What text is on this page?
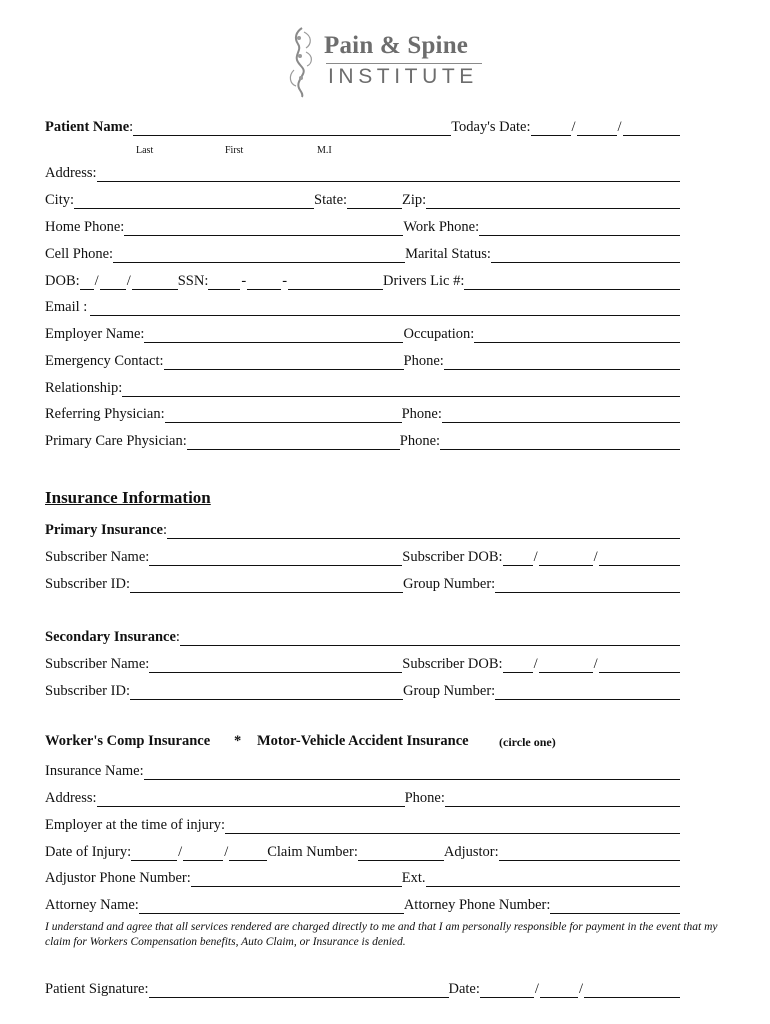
Pain & Spine
INSTITUTE
Patient Name :	Today's Date:	/	/
Last	First	M.I
Address:
City:	State:	Zip:
Home Phone:	Work Phone:
Cell Phone:	Marital Status:
DOB: / /	SSN: - -	Drivers Lic #:
Email :
Employer Name:	Occupation:
Emergency Contact:	Phone:
Relationship:
Referring Physician:	Phone:
Primary Care Physician:	Phone:
Insurance Information
Primary Insurance :
Subscriber Name:	Subscriber DOB: /	/
Subscriber ID:	Group Number:
Secondary Insurance :
Subscriber Name:	Subscriber DOB: /	/
Subscriber ID:	Group Number:
Worker's Comp Insurance * Motor-Vehicle Accident Insurance	(circle one)
Insurance Name:
Address:	Phone:
Employer at the time of injury:
Date of Injury:	/	/	Claim Number:	Adjustor:
Adjustor Phone Number:	Ext.
Attorney Name:	Attorney Phone Number:
I understand and agree that all services rendered are charged directly to me and that I am personally responsible for payment in the event that my claim for Workers Compensation benefits, Auto Claim, or Insurance is denied.
Patient Signature:	Date:	/	/
